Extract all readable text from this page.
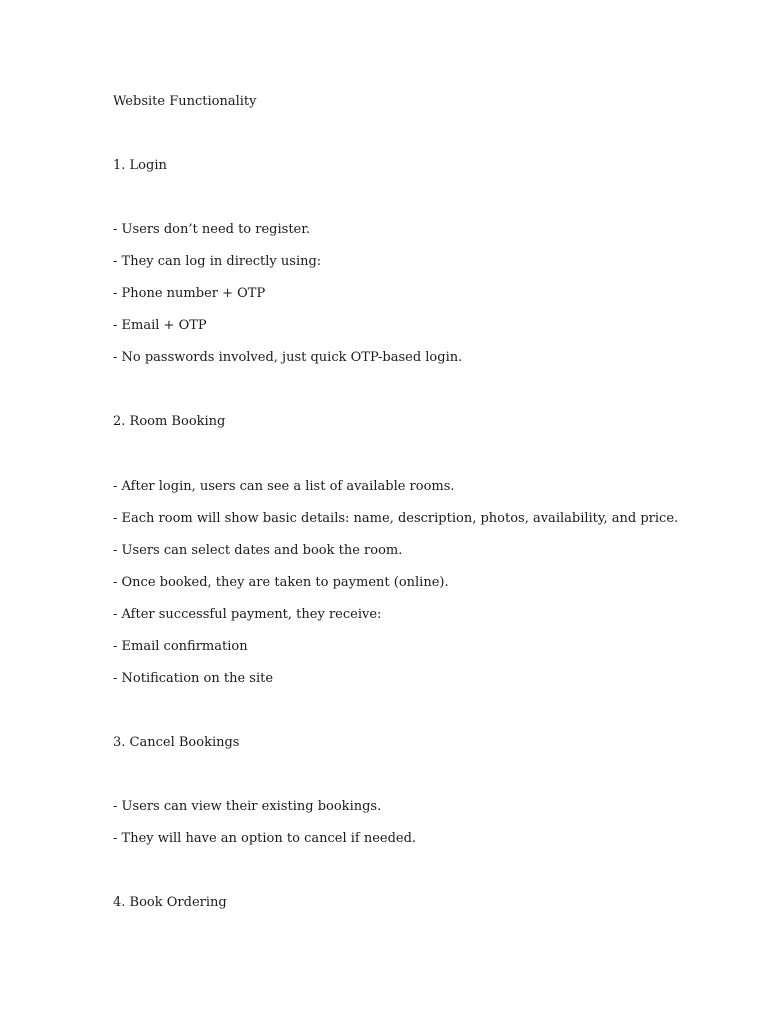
Website Functionality
1. Login
- Users don’t need to register.
- They can log in directly using:
- Phone number + OTP
- Email + OTP
- No passwords involved, just quick OTP-based login.
2. Room Booking
- After login, users can see a list of available rooms.
- Each room will show basic details: name, description, photos, availability, and price.
- Users can select dates and book the room.
- Once booked, they are taken to payment (online).
- After successful payment, they receive:
- Email confirmation
- Notification on the site
3. Cancel Bookings
- Users can view their existing bookings.
- They will have an option to cancel if needed.
4. Book Ordering
